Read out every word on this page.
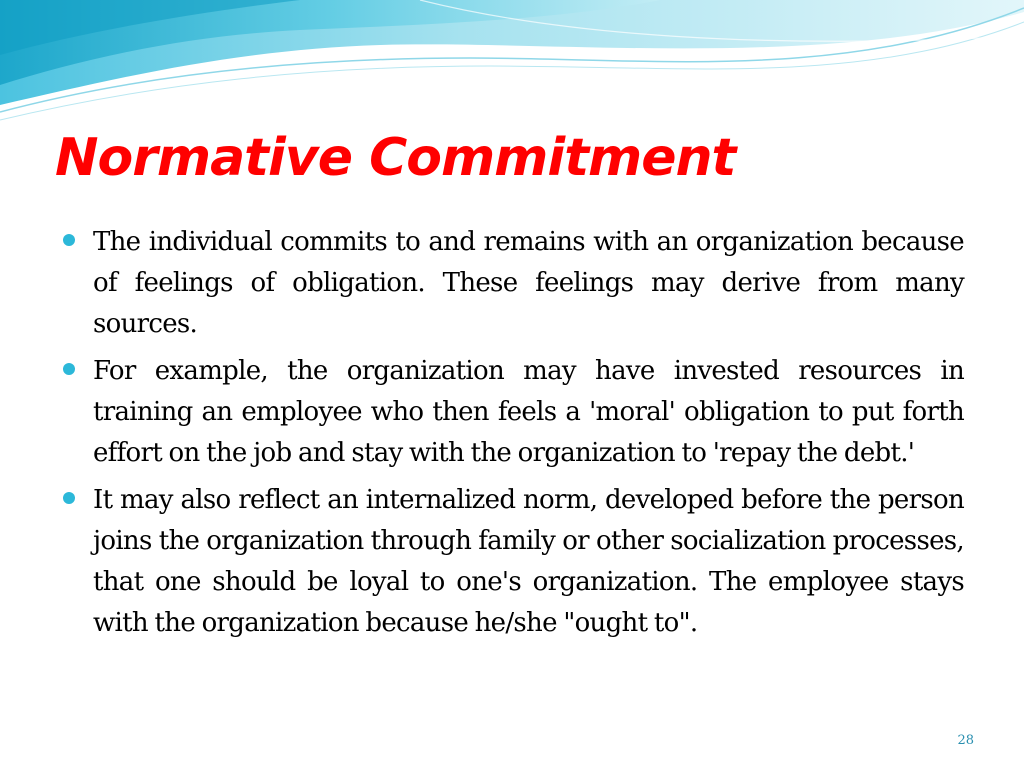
Normative Commitment
The individual commits to and remains with an organization because of feelings of obligation. These feelings may derive from many sources.
For example, the organization may have invested resources in training an employee who then feels a 'moral' obligation to put forth effort on the job and stay with the organization to 'repay the debt.'
It may also reflect an internalized norm, developed before the person joins the organization through family or other socialization processes, that one should be loyal to one's organization. The employee stays with the organization because he/she "ought to".
28
